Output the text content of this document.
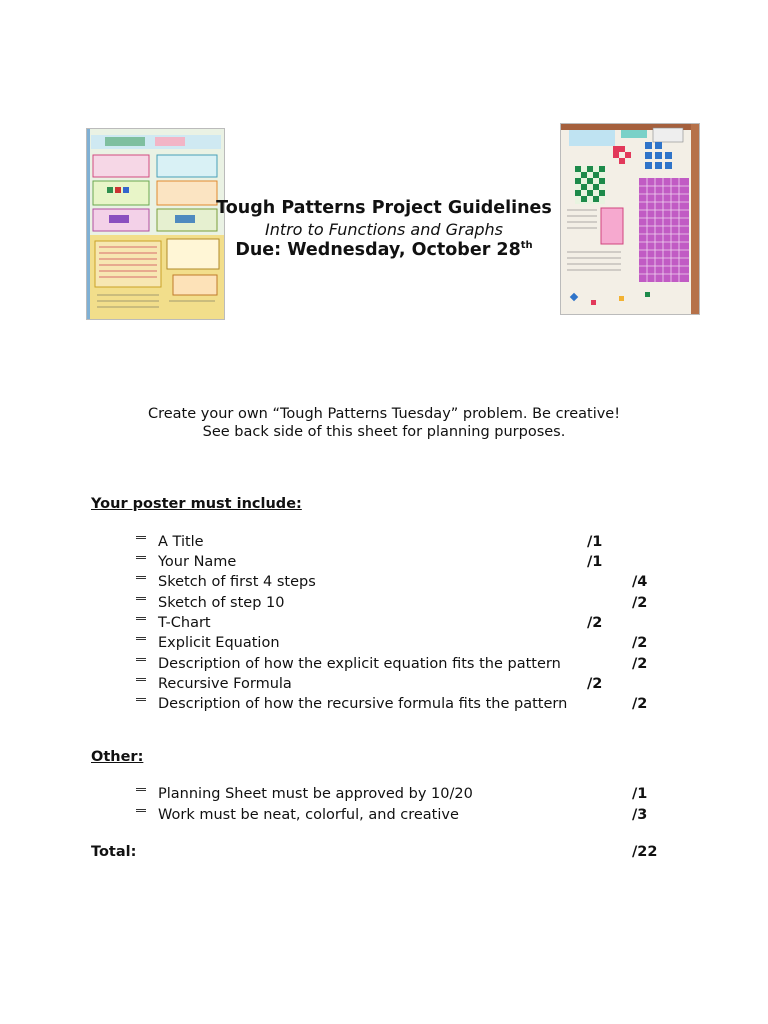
Tough Patterns Project Guidelines
Intro to Functions and Graphs
Due: Wednesday, October 28th
Create your own “Tough Patterns Tuesday” problem. Be creative!
See back side of this sheet for planning purposes.
Your poster must include:
A Title	/1
Your Name	/1
Sketch of first 4 steps	/4
Sketch of step 10	/2
T-Chart	/2
Explicit Equation	/2
Description of how the explicit equation fits the pattern	/2
Recursive Formula	/2
Description of how the recursive formula fits the pattern	/2
Other:
Planning Sheet must be approved by 10/20	/1
Work must be neat, colorful, and creative	/3
Total:	/22
